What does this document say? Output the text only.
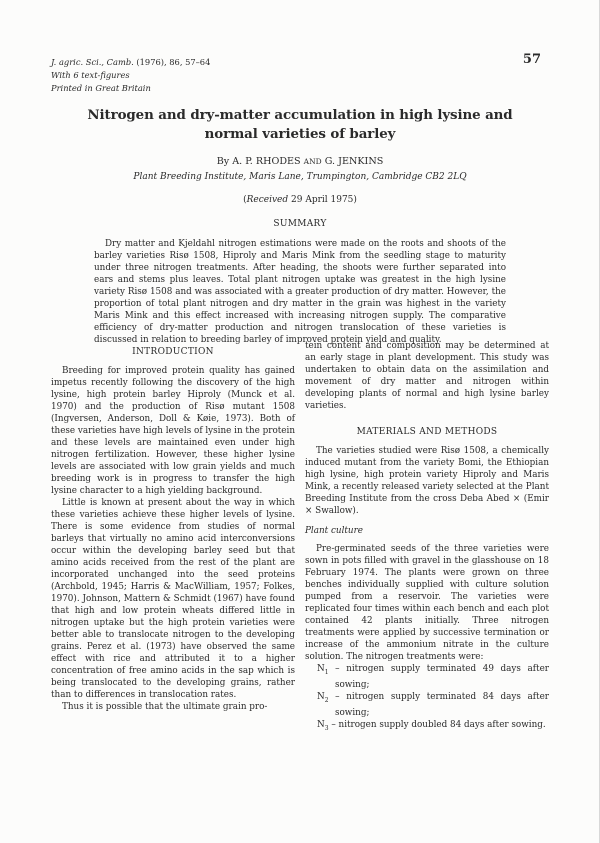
J. agric. Sci., Camb. (1976), 86, 57–64
With 6 text-figures
Printed in Great Britain
57
Nitrogen and dry-matter accumulation in high lysine and
normal varieties of barley
By A. P. RHODES AND G. JENKINS
Plant Breeding Institute, Maris Lane, Trumpington, Cambridge CB2 2LQ
(Received 29 April 1975)
SUMMARY
Dry matter and Kjeldahl nitrogen estimations were made on the roots and shoots of the barley varieties Risø 1508, Hiproly and Maris Mink from the seedling stage to maturity under three nitrogen treatments. After heading, the shoots were further separated into ears and stems plus leaves. Total plant nitrogen uptake was greatest in the high lysine variety Risø 1508 and was associated with a greater production of dry matter. However, the proportion of total plant nitrogen and dry matter in the grain was highest in the variety Maris Mink and this effect increased with increasing nitrogen supply. The comparative efficiency of dry-matter production and nitrogen translocation of these varieties is discussed in relation to breeding barley of improved protein yield and quality.
INTRODUCTION

Breeding for improved protein quality has gained impetus recently following the discovery of the high lysine, high protein barley Hiproly (Munck et al. 1970) and the production of Risø mutant 1508 (Ingversen, Anderson, Doll & Køie, 1973). Both of these varieties have high levels of lysine in the protein and these levels are maintained even under high nitrogen fertilization. However, these higher lysine levels are associated with low grain yields and much breeding work is in progress to transfer the high lysine character to a high yielding background.

Little is known at present about the way in which these varieties achieve these higher levels of lysine. There is some evidence from studies of normal barleys that virtually no amino acid interconversions occur within the developing barley seed but that amino acids received from the rest of the plant are incorporated unchanged into the seed proteins (Archbold, 1945; Harris & MacWilliam, 1957; Folkes, 1970). Johnson, Mattern & Schmidt (1967) have found that high and low protein wheats differed little in nitrogen uptake but the high protein varieties were better able to translocate nitrogen to the developing grains. Perez et al. (1973) have observed the same effect with rice and attributed it to a higher concentration of free amino acids in the sap which is being translocated to the developing grains, rather than to differences in translocation rates.

Thus it is possible that the ultimate grain pro-

tein content and composition may be determined at an early stage in plant development. This study was undertaken to obtain data on the assimilation and movement of dry matter and nitrogen within developing plants of normal and high lysine barley varieties.

MATERIALS AND METHODS

The varieties studied were Risø 1508, a chemically induced mutant from the variety Bomi, the Ethiopian high lysine, high protein variety Hiproly and Maris Mink, a recently released variety selected at the Plant Breeding Institute from the cross Deba Abed × (Emir × Swallow).

Plant culture

Pre-germinated seeds of the three varieties were sown in pots filled with gravel in the glasshouse on 18 February 1974. The plants were grown on three benches individually supplied with culture solution pumped from a reservoir. The varieties were replicated four times within each bench and each plot contained 42 plants initially. Three nitrogen treatments were applied by successive termination or increase of the ammonium nitrate in the culture solution. The nitrogen treatments were:

$N_1$ – nitrogen supply terminated 49 days after sowing;

$N_2$ – nitrogen supply terminated 84 days after sowing;

$N_3$ – nitrogen supply doubled 84 days after sowing.
